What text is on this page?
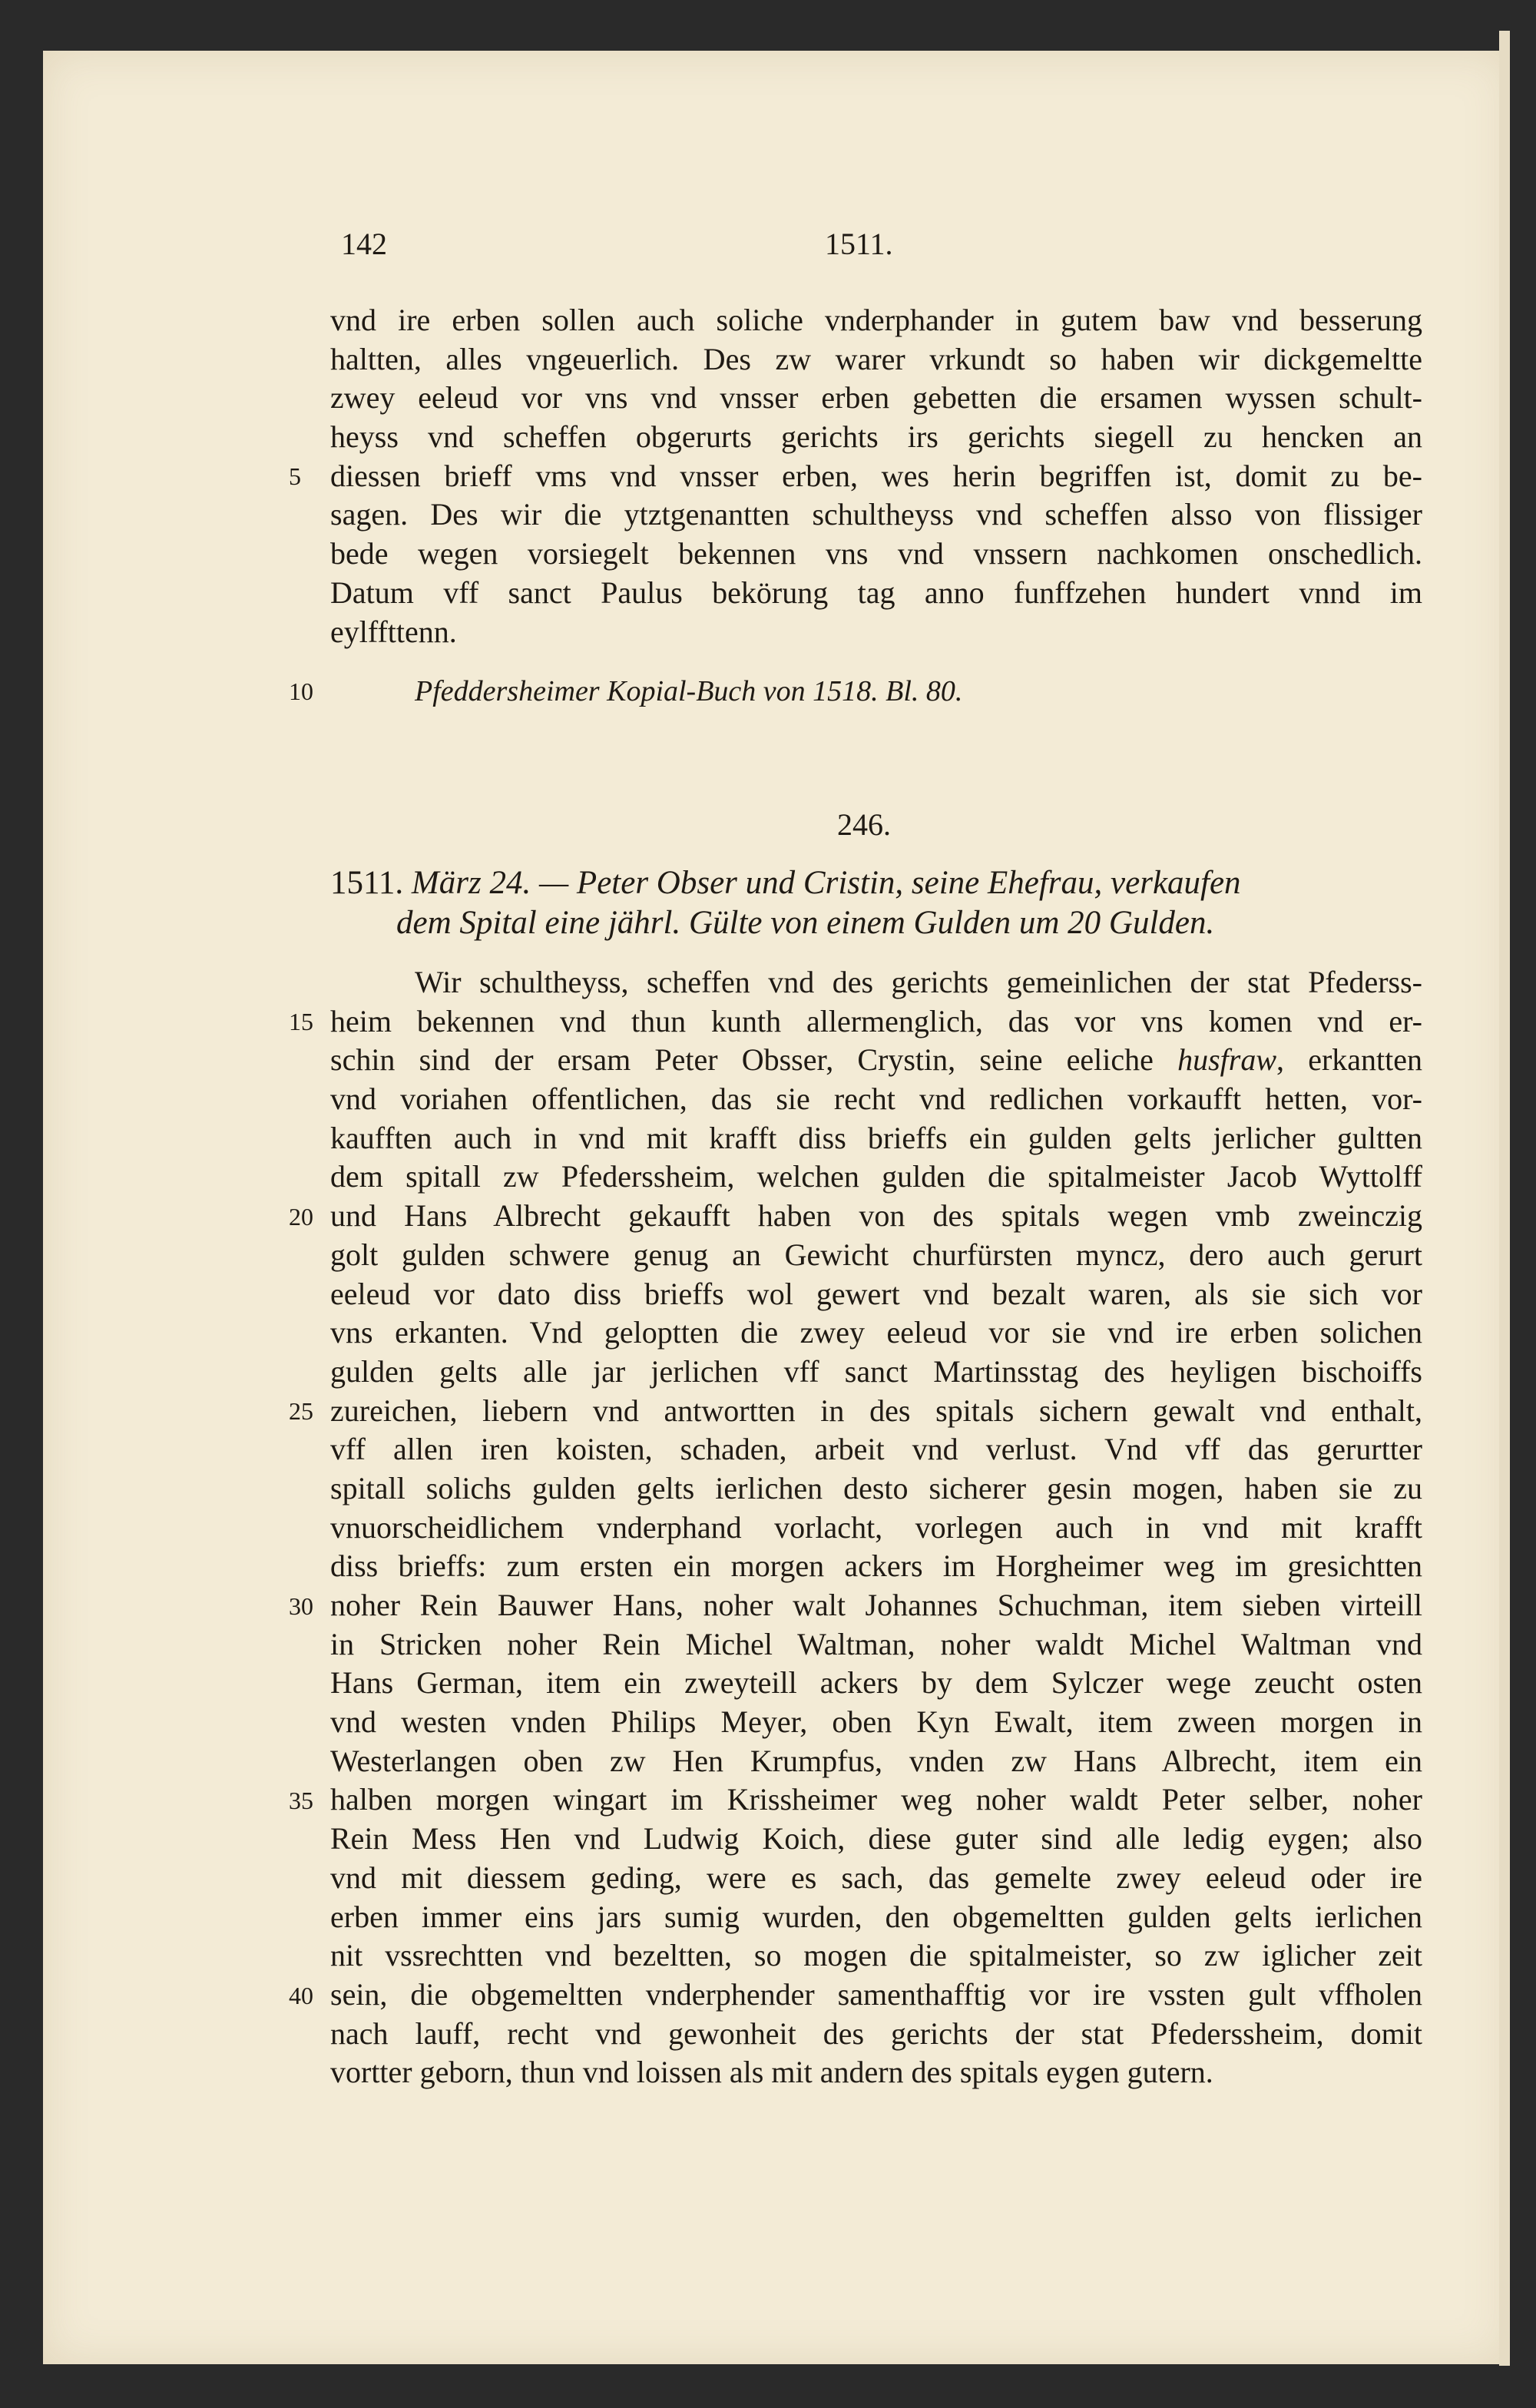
142	1511.
vnd ire erben sollen auch soliche vnderphander in gutem baw vnd besserung
haltten, alles vngeuerlich. Des zw warer vrkundt so haben wir dickgemeltte
zwey eeleud vor vns vnd vnsser erben gebetten die ersamen wyssen schult-
heyss vnd scheffen obgerurts gerichts irs gerichts siegell zu hencken an
diessen brieff vms vnd vnsser erben, wes herin begriffen ist, domit zu be-
sagen. Des wir die ytztgenantten schultheyss vnd scheffen alsso von flissiger
bede wegen vorsiegelt bekennen vns vnd vnssern nachkomen onschedlich.
Datum vff sanct Paulus bekörung tag anno funffzehen hundert vnnd im
eylffttenn.
5
10	Pfeddersheimer Kopial-Buch von 1518. Bl. 80.
246.
1511. März 24. — Peter Obser und Cristin, seine Ehefrau, verkaufen
dem Spital eine jährl. Gülte von einem Gulden um 20 Gulden.
Wir schultheyss, scheffen vnd des gerichts gemeinlichen der stat Pfederss-
heim bekennen vnd thun kunth allermenglich, das vor vns komen vnd er-
schin sind der ersam Peter Obsser, Crystin, seine eeliche husfraw, erkantten
vnd voriahen offentlichen, das sie recht vnd redlichen vorkaufft hetten, vor-
kaufften auch in vnd mit krafft diss brieffs ein gulden gelts jerlicher gultten
dem spitall zw Pfederssheim, welchen gulden die spitalmeister Jacob Wyttolff
und Hans Albrecht gekaufft haben von des spitals wegen vmb zweinczig
golt gulden schwere genug an Gewicht churfürsten myncz, dero auch gerurt
eeleud vor dato diss brieffs wol gewert vnd bezalt waren, als sie sich vor
vns erkanten. Vnd geloptten die zwey eeleud vor sie vnd ire erben solichen
gulden gelts alle jar jerlichen vff sanct Martinsstag des heyligen bischoiffs
zureichen, liebern vnd antwortten in des spitals sichern gewalt vnd enthalt,
vff allen iren koisten, schaden, arbeit vnd verlust. Vnd vff das gerurtter
spitall solichs gulden gelts ierlichen desto sicherer gesin mogen, haben sie zu
vnuorscheidlichem vnderphand vorlacht, vorlegen auch in vnd mit krafft
diss brieffs: zum ersten ein morgen ackers im Horgheimer weg im gresichtten
noher Rein Bauwer Hans, noher walt Johannes Schuchman, item sieben virteill
in Stricken noher Rein Michel Waltman, noher waldt Michel Waltman vnd
Hans German, item ein zweyteill ackers by dem Sylczer wege zeucht osten
vnd westen vnden Philips Meyer, oben Kyn Ewalt, item zween morgen in
Westerlangen oben zw Hen Krumpfus, vnden zw Hans Albrecht, item ein
halben morgen wingart im Krissheimer weg noher waldt Peter selber, noher
Rein Mess Hen vnd Ludwig Koich, diese guter sind alle ledig eygen; also
vnd mit diessem geding, were es sach, das gemelte zwey eeleud oder ire
erben immer eins jars sumig wurden, den obgemeltten gulden gelts ierlichen
nit vssrechtten vnd bezeltten, so mogen die spitalmeister, so zw iglicher zeit
sein, die obgemeltten vnderphender samenthafftig vor ire vssten gult vffholen
nach lauff, recht vnd gewonheit des gerichts der stat Pfederssheim, domit
vortter geborn, thun vnd loissen als mit andern des spitals eygen gutern.
15
20
25
30
35
40
